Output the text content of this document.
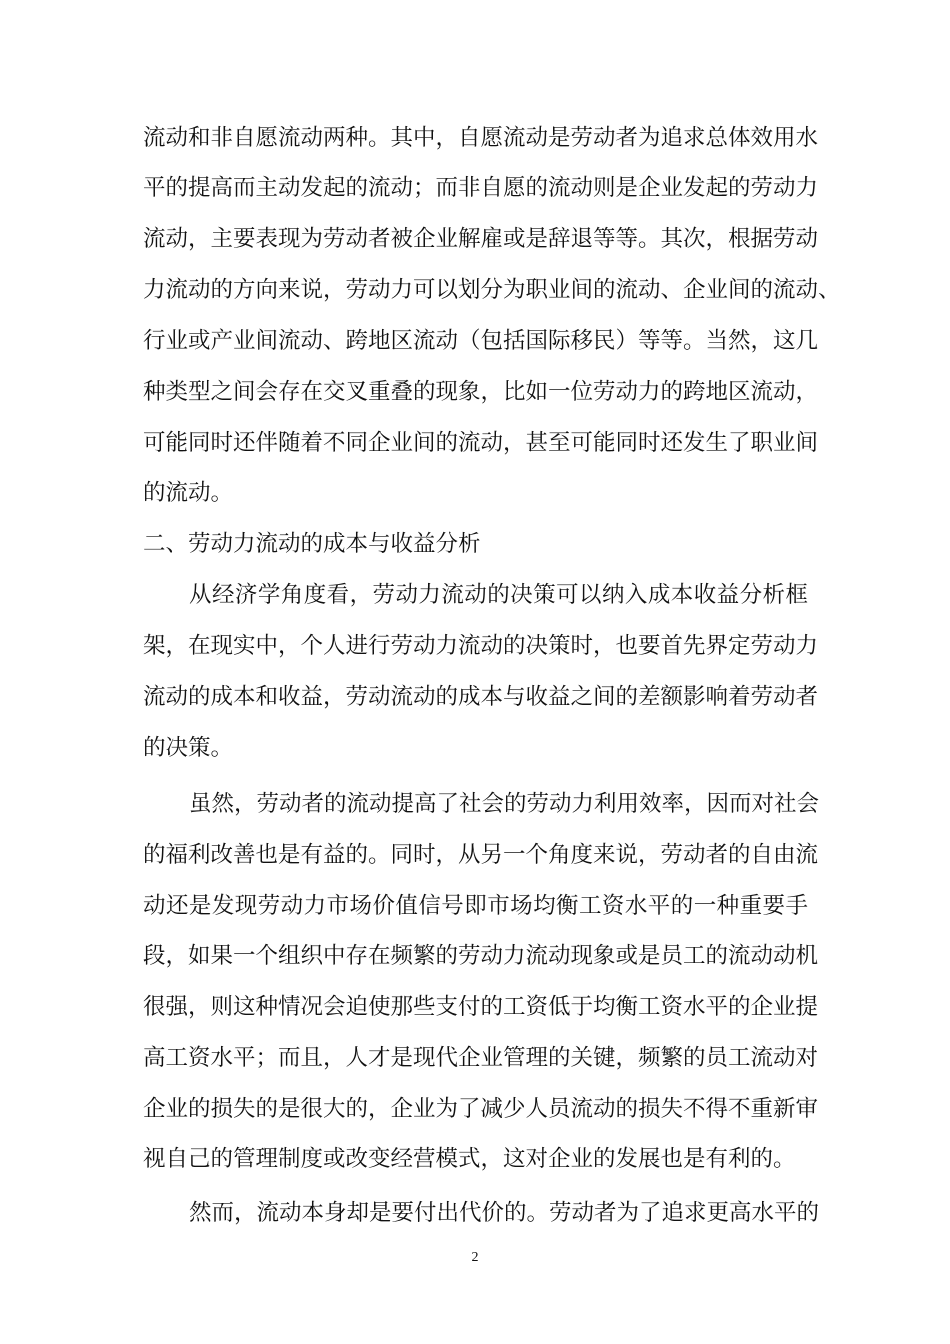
流动和非自愿流动两种。其中，自愿流动是劳动者为追求总体效用水
平的提高而主动发起的流动；而非自愿的流动则是企业发起的劳动力
流动，主要表现为劳动者被企业解雇或是辞退等等。其次，根据劳动
力流动的方向来说，劳动力可以划分为职业间的流动、企业间的流动、
行业或产业间流动、跨地区流动（包括国际移民）等等。当然，这几
种类型之间会存在交叉重叠的现象，比如一位劳动力的跨地区流动，
可能同时还伴随着不同企业间的流动，甚至可能同时还发生了职业间
的流动。
二、劳动力流动的成本与收益分析
从经济学角度看，劳动力流动的决策可以纳入成本收益分析框
架，在现实中，个人进行劳动力流动的决策时，也要首先界定劳动力
流动的成本和收益，劳动流动的成本与收益之间的差额影响着劳动者
的决策。
虽然，劳动者的流动提高了社会的劳动力利用效率，因而对社会
的福利改善也是有益的。同时，从另一个角度来说，劳动者的自由流
动还是发现劳动力市场价值信号即市场均衡工资水平的一种重要手
段，如果一个组织中存在频繁的劳动力流动现象或是员工的流动动机
很强，则这种情况会迫使那些支付的工资低于均衡工资水平的企业提
高工资水平；而且，人才是现代企业管理的关键，频繁的员工流动对
企业的损失的是很大的，企业为了减少人员流动的损失不得不重新审
视自己的管理制度或改变经营模式，这对企业的发展也是有利的。
然而，流动本身却是要付出代价的。劳动者为了追求更高水平的
2
